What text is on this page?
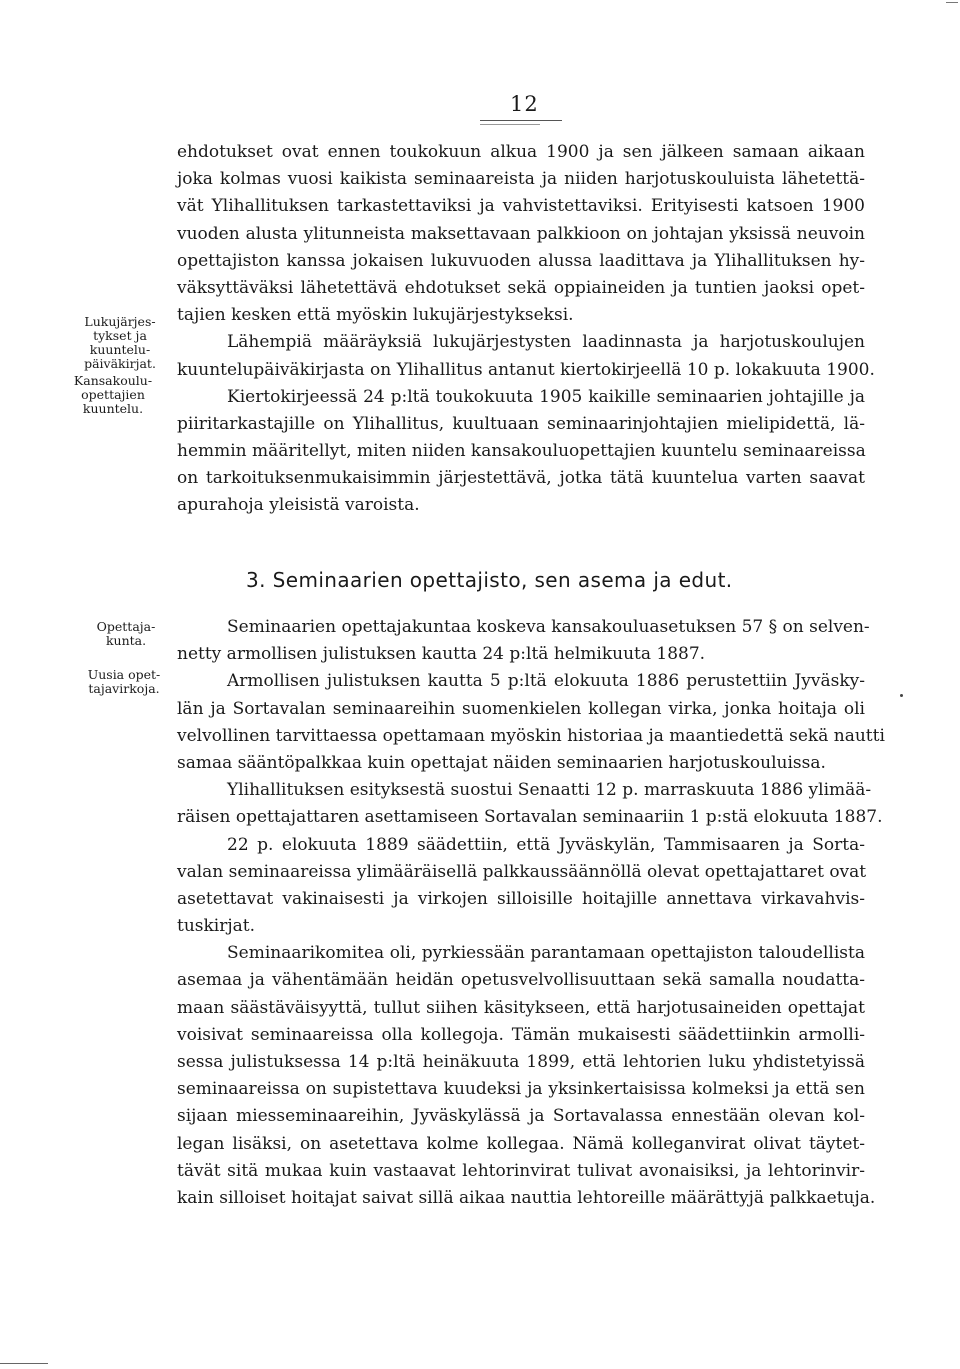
12
ehdotukset ovat ennen toukokuun alkua 1900 ja sen jälkeen samaan aikaan
joka kolmas vuosi kaikista seminaareista ja niiden harjotuskouluista lähetettä-
vät Ylihallituksen tarkastettaviksi ja vahvistettaviksi. Erityisesti katsoen 1900
vuoden alusta ylitunneista maksettavaan palkkioon on johtajan yksissä neuvoin
opettajiston kanssa jokaisen lukuvuoden alussa laadittava ja Ylihallituksen hy-
väksyttäväksi lähetettävä ehdotukset sekä oppiaineiden ja tuntien jaoksi opet-
tajien kesken että myöskin lukujärjestykseksi.
Lähempiä määräyksiä lukujärjestysten laadinnasta ja harjotuskoulujen
kuuntelupäiväkirjasta on Ylihallitus antanut kiertokirjeellä 10 p. lokakuuta 1900.
Kiertokirjeessä 24 p:ltä toukokuuta 1905 kaikille seminaarien johtajille ja
piiritarkastajille on Ylihallitus, kuultuaan seminaarinjohtajien mielipidettä, lä-
hemmin määritellyt, miten niiden kansakouluopettajien kuuntelu seminaareissa
on tarkoituksenmukaisimmin järjestettävä, jotka tätä kuuntelua varten saavat
apurahoja yleisistä varoista.
Lukujärjes-
tykset ja
kuuntelu-
päiväkirjat.
Kansakoulu-
opettajien
kuuntelu.
3. Seminaarien opettajisto, sen asema ja edut.
Opettaja-
kunta.
Uusia opet-
tajavirkoja.
Seminaarien opettajakuntaa koskeva kansakouluasetuksen 57 § on selven-
netty armollisen julistuksen kautta 24 p:ltä helmikuuta 1887.
Armollisen julistuksen kautta 5 p:ltä elokuuta 1886 perustettiin Jyväsky-
län ja Sortavalan seminaareihin suomenkielen kollegan virka, jonka hoitaja oli
velvollinen tarvittaessa opettamaan myöskin historiaa ja maantiedettä sekä nautti
samaa sääntöpalkkaa kuin opettajat näiden seminaarien harjotuskouluissa.
Ylihallituksen esityksestä suostui Senaatti 12 p. marraskuuta 1886 ylimää-
räisen opettajattaren asettamiseen Sortavalan seminaariin 1 p:stä elokuuta 1887.
22 p. elokuuta 1889 säädettiin, että Jyväskylän, Tammisaaren ja Sorta-
valan seminaareissa ylimääräisellä palkkaussäännöllä olevat opettajattaret ovat
asetettavat vakinaisesti ja virkojen silloisille hoitajille annettava virkavahvis-
tuskirjat.
Seminaarikomitea oli, pyrkiessään parantamaan opettajiston taloudellista
asemaa ja vähentämään heidän opetusvelvollisuuttaan sekä samalla noudatta-
maan säästäväisyyttä, tullut siihen käsitykseen, että harjotusaineiden opettajat
voisivat seminaareissa olla kollegoja. Tämän mukaisesti säädettiinkin armolli-
sessa julistuksessa 14 p:ltä heinäkuuta 1899, että lehtorien luku yhdistetyissä
seminaareissa on supistettava kuudeksi ja yksinkertaisissa kolmeksi ja että sen
sijaan miesseminaareihin, Jyväskylässä ja Sortavalassa ennestään olevan kol-
legan lisäksi, on asetettava kolme kollegaa. Nämä kolleganvirat olivat täytet-
tävät sitä mukaa kuin vastaavat lehtorinvirat tulivat avonaisiksi, ja lehtorinvir-
kain silloiset hoitajat saivat sillä aikaa nauttia lehtoreille määrättyjä palkkaetuja.
